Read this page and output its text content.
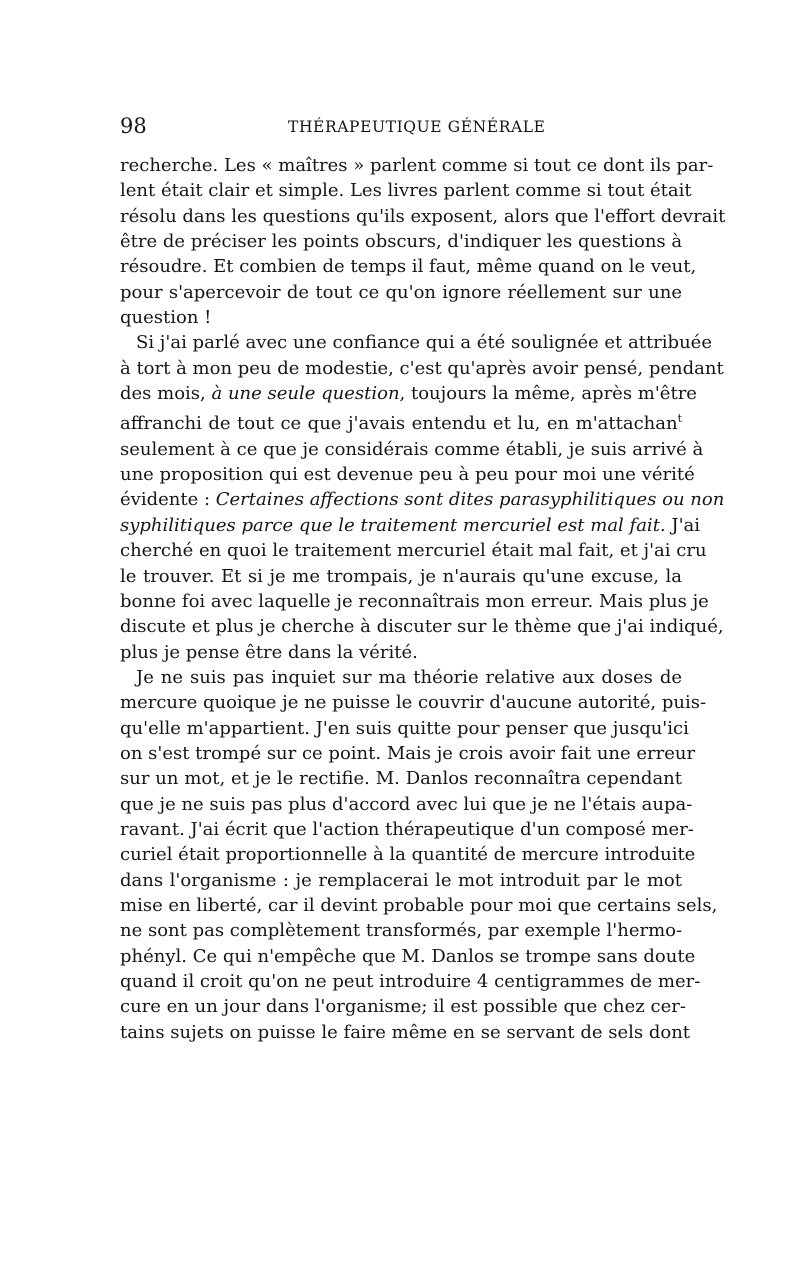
98	THÉRAPEUTIQUE GÉNÉRALE
recherche. Les « maîtres » parlent comme si tout ce dont ils par-
lent était clair et simple. Les livres parlent comme si tout était
résolu dans les questions qu'ils exposent, alors que l'effort devrait
être de préciser les points obscurs, d'indiquer les questions à
résoudre. Et combien de temps il faut, même quand on le veut,
pour s'apercevoir de tout ce qu'on ignore réellement sur une
question !
Si j'ai parlé avec une confiance qui a été soulignée et attribuée
à tort à mon peu de modestie, c'est qu'après avoir pensé, pendant
des mois, à une seule question, toujours la même, après m'être
affranchi de tout ce que j'avais entendu et lu, en m'attachan$^t$
seulement à ce que je considérais comme établi, je suis arrivé à
une proposition qui est devenue peu à peu pour moi une vérité
évidente : Certaines affections sont dites parasyphilitiques ou non
syphilitiques parce que le traitement mercuriel est mal fait. J'ai
cherché en quoi le traitement mercuriel était mal fait, et j'ai cru
le trouver. Et si je me trompais, je n'aurais qu'une excuse, la
bonne foi avec laquelle je reconnaîtrais mon erreur. Mais plus je
discute et plus je cherche à discuter sur le thème que j'ai indiqué,
plus je pense être dans la vérité.
Je ne suis pas inquiet sur ma théorie relative aux doses de
mercure quoique je ne puisse le couvrir d'aucune autorité, puis-
qu'elle m'appartient. J'en suis quitte pour penser que jusqu'ici
on s'est trompé sur ce point. Mais je crois avoir fait une erreur
sur un mot, et je le rectifie. M. Danlos reconnaîtra cependant
que je ne suis pas plus d'accord avec lui que je ne l'étais aupa-
ravant. J'ai écrit que l'action thérapeutique d'un composé mer-
curiel était proportionnelle à la quantité de mercure introduite
dans l'organisme : je remplacerai le mot introduit par le mot
mise en liberté, car il devint probable pour moi que certains sels,
ne sont pas complètement transformés, par exemple l'hermo-
phényl. Ce qui n'empêche que M. Danlos se trompe sans doute
quand il croit qu'on ne peut introduire 4 centigrammes de mer-
cure en un jour dans l'organisme; il est possible que chez cer-
tains sujets on puisse le faire même en se servant de sels dont
